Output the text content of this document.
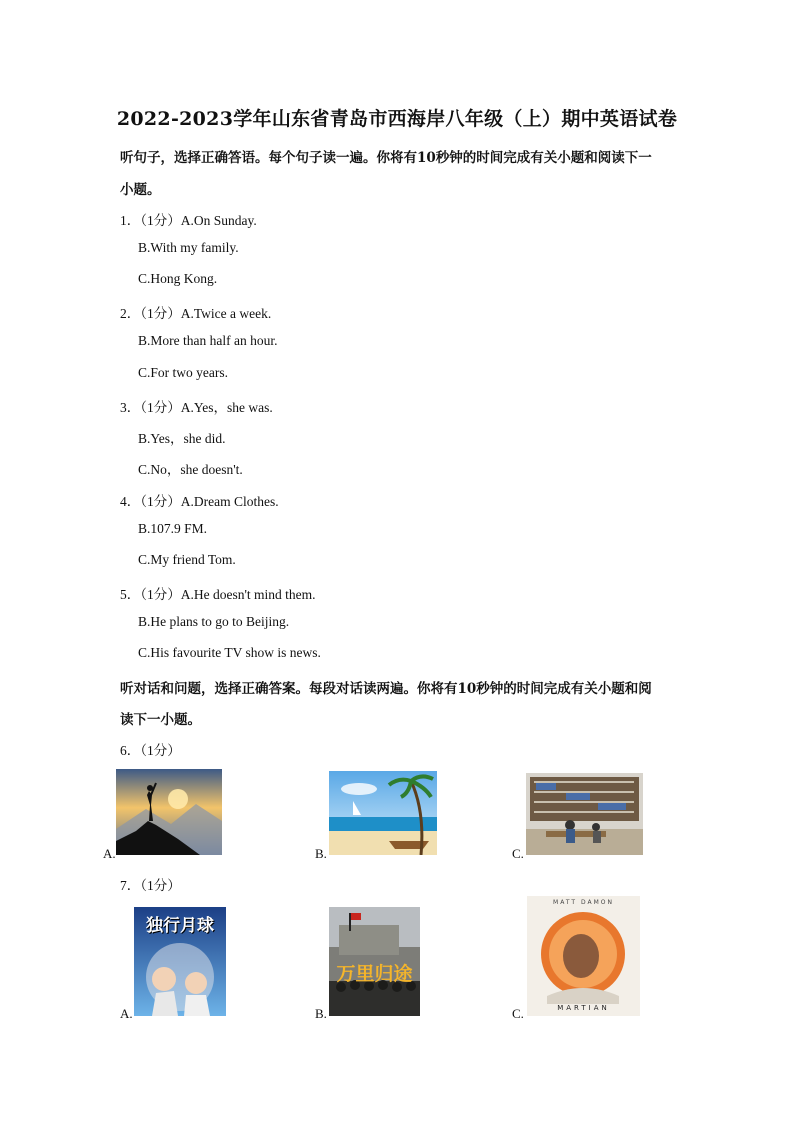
2022-2023学年山东省青岛市西海岸八年级（上）期中英语试卷
听句子，选择正确答语。每个句子读一遍。你将有10秒钟的时间完成有关小题和阅读下一
小题。
1．（1分）A.On Sunday.
B.With my family.
C.Hong Kong.
2．（1分）A.Twice a week.
B.More than half an hour.
C.For two years.
3．（1分）A.Yes，she was.
B.Yes，she did.
C.No，she doesn't.
4．（1分）A.Dream Clothes.
B.107.9 FM.
C.My friend Tom.
5．（1分）A.He doesn't mind them.
B.He plans to go to Beijing.
C.His favourite TV show is news.
听对话和问题，选择正确答案。每段对话读两遍。你将有10秒钟的时间完成有关小题和阅
读下一小题。
6．（1分）
A.	B.	C.
7．（1分）
独行月球
A.
万里归途
B.
MATT DAMON
MARTIAN
C.
